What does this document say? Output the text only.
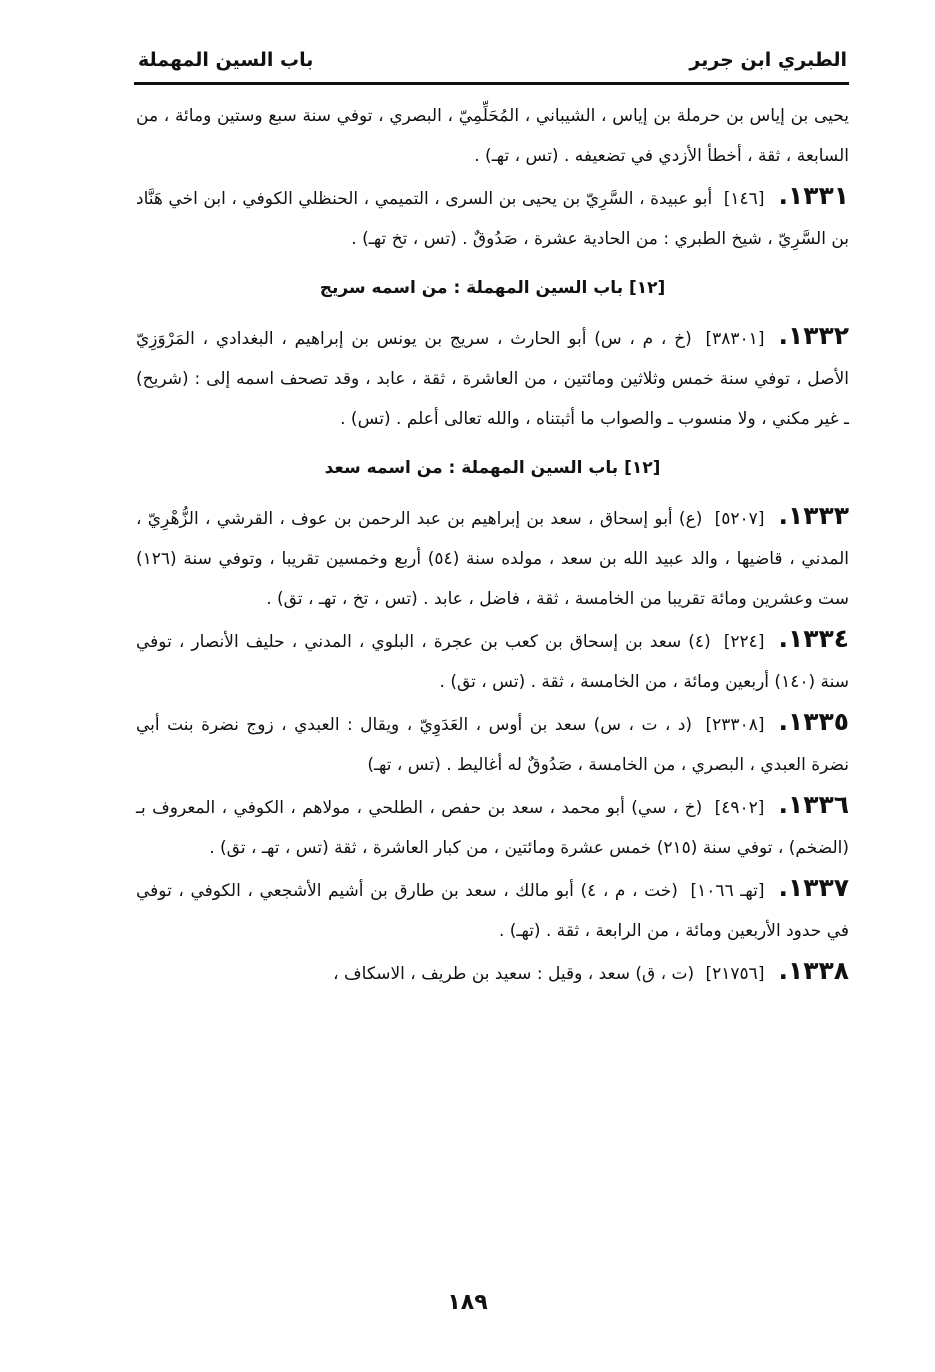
الطبري ابن جرير
باب السين المهملة

يحيى بن إياس بن حرملة بن إياس ، الشيباني ، المُحَلِّمِيّ ، البصري ، توفي سنة سبع وستين ومائة ، من السابعة ، ثقة ، أخطأ الأزدي في تضعيفه . (تس ، تهـ) .

١٣٣١.[١٤٦] أبو عبيدة ، السَّرِيّ بن يحيى بن السرى ، التميمي ، الحنظلي الكوفي ، ابن اخي هَنَّاد بن السَّرِيّ ، شيخ الطبري : من الحادية عشرة ، صَدُوقٌ . (تس ، تخ تهـ) .

[١٢] باب السين المهملة : من اسمه سريج

١٣٣٢.[٣٨٣٠١] (خ ، م ، س) أبو الحارث ، سريج بن يونس بن إبراهيم ، البغدادي ، المَرْوَزِيّ الأصل ، توفي سنة خمس وثلاثين ومائتين ، من العاشرة ، ثقة ، عابد ، وقد تصحف اسمه إلى : (شريح) ـ غير مكني ، ولا منسوب ـ والصواب ما أثبتناه ، والله تعالى أعلم . (تس) .

[١٢] باب السين المهملة : من اسمه سعد

١٣٣٣.[٥٢٠٧] (ع) أبو إسحاق ، سعد بن إبراهيم بن عبد الرحمن بن عوف ، القرشي ، الزُّهْرِيّ ، المدني ، قاضيها ، والد عبيد الله بن سعد ، مولده سنة (٥٤) أربع وخمسين تقريبا ، وتوفي سنة (١٢٦) ست وعشرين ومائة تقريبا من الخامسة ، ثقة ، فاضل ، عابد . (تس ، تخ ، تهـ ، تق) .

١٣٣٤.[٢٢٤] (٤) سعد بن إسحاق بن كعب بن عجرة ، البلوي ، المدني ، حليف الأنصار ، توفي سنة (١٤٠) أربعين ومائة ، من الخامسة ، ثقة . (تس ، تق) .

١٣٣٥.[٢٣٣٠٨] (د ، ت ، س) سعد بن أوس ، العَدَوِيّ ، ويقال : العبدي ، زوج نضرة بنت أبي نضرة العبدي ، البصري ، من الخامسة ، صَدُوقٌ له أغاليط . (تس ، تهـ)

١٣٣٦.[٤٩٠٢] (خ ، سي) أبو محمد ، سعد بن حفص ، الطلحي ، مولاهم ، الكوفي ، المعروف بـ (الضخم) ، توفي سنة (٢١٥) خمس عشرة ومائتين ، من كبار العاشرة ، ثقة (تس ، تهـ ، تق) .

١٣٣٧.[تهـ ١٠٦٦] (خت ، م ، ٤) أبو مالك ، سعد بن طارق بن أشيم الأشجعي ، الكوفي ، توفي في حدود الأربعين ومائة ، من الرابعة ، ثقة . (تهـ) .

١٣٣٨.[٢١٧٥٦] (ت ، ق) سعد ، وقيل : سعيد بن طريف ، الاسكاف ،

١٨٩
